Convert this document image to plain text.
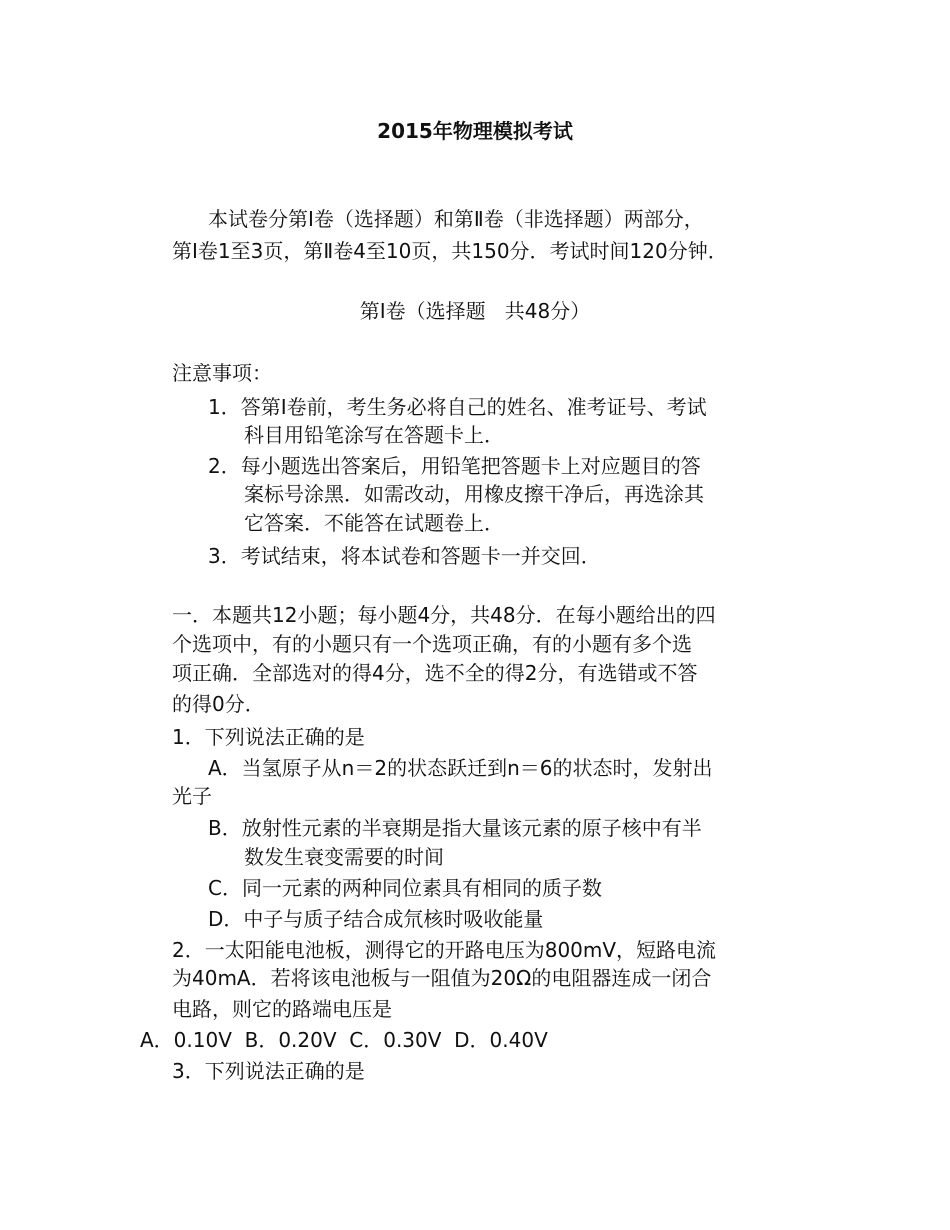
2015年物理模拟考试
本试卷分第Ⅰ卷（选择题）和第Ⅱ卷（非选择题）两部分，
第Ⅰ卷1至3页，第Ⅱ卷4至10页，共150分．考试时间120分钟．
第Ⅰ卷（选择题   共48分）
注意事项：
1．答第Ⅰ卷前，考生务必将自己的姓名、准考证号、考试
科目用铅笔涂写在答题卡上．
2．每小题选出答案后，用铅笔把答题卡上对应题目的答
案标号涂黑．如需改动，用橡皮擦干净后，再选涂其
它答案．不能答在试题卷上．
3．考试结束，将本试卷和答题卡一并交回．
一．本题共12小题；每小题4分，共48分．在每小题给出的四
个选项中，有的小题只有一个选项正确，有的小题有多个选
项正确．全部选对的得4分，选不全的得2分，有选错或不答
的得0分．
1．下列说法正确的是
A．当氢原子从n＝2的状态跃迁到n＝6的状态时，发射出
光子
B．放射性元素的半衰期是指大量该元素的原子核中有半
数发生衰变需要的时间
C．同一元素的两种同位素具有相同的质子数
D．中子与质子结合成氘核时吸收能量
2．一太阳能电池板，测得它的开路电压为800mV，短路电流
为40mA．若将该电池板与一阻值为20Ω的电阻器连成一闭合
电路，则它的路端电压是
A．0.10V  B．0.20V  C．0.30V  D．0.40V
3．下列说法正确的是
